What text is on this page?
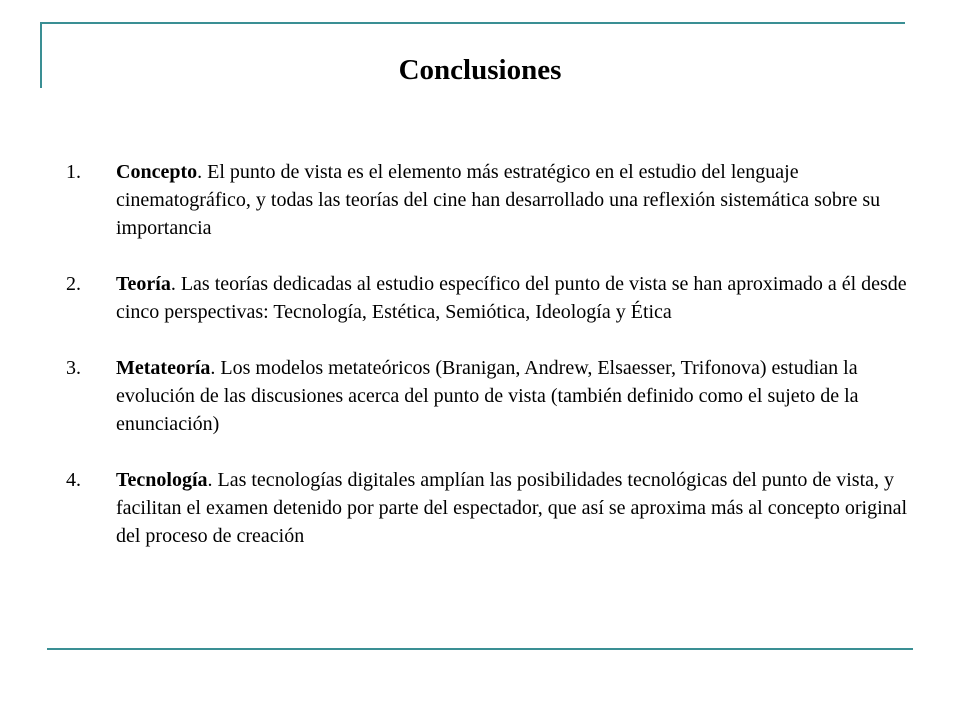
Conclusiones
1. Concepto. El punto de vista es el elemento más estratégico en el estudio del lenguaje cinematográfico, y todas las teorías del cine han desarrollado una reflexión sistemática sobre su importancia
2. Teoría. Las teorías dedicadas al estudio específico del punto de vista se han aproximado a él desde cinco perspectivas: Tecnología, Estética, Semiótica, Ideología y Ética
3. Metateoría. Los modelos metateóricos (Branigan, Andrew, Elsaesser, Trifonova) estudian la evolución de las discusiones acerca del punto de vista (también definido como el sujeto de la enunciación)
4. Tecnología. Las tecnologías digitales amplían las posibilidades tecnológicas del punto de vista, y facilitan el examen detenido por parte del espectador, que así se aproxima más al concepto original del proceso de creación
